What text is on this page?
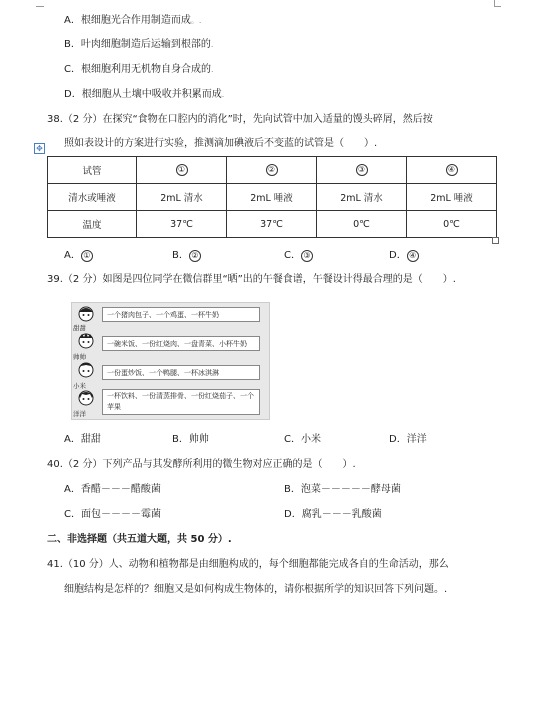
A．根细胞光合作用制造而成。.
B．叶肉细胞制造后运输到根部的.
C．根细胞利用无机物自身合成的.
D．根细胞从土壤中吸收并积累而成.
38.（2 分）在探究“食物在口腔内的消化”时，先向试管中加入适量的馒头碎屑，然后按
照如表设计的方案进行实验，推测滴加碘液后不变蓝的试管是（　　）.
✥
试管	①	②	③	④
清水或唾液	2mL 清水	2mL 唾液	2mL 清水	2mL 唾液
温度	37℃	37℃	0℃	0℃
A． ①	B． ②	C． ③	D． ④
39.（2 分）如图是四位同学在微信群里“晒”出的午餐食谱，午餐设计得最合理的是（　　）.
甜甜
一个猪肉包子、一个鸡蛋、一杯牛奶
帅帅
一碗米饭、一份红烧肉、一盘青菜、小杯牛奶
小米
一份蛋炒饭、一个鸭腿、一杯冰淇淋
洋洋
一杯饮料、一份清蒸排骨、一份红烧茄子、一个苹果
A．甜甜	B．帅帅	C．小米	D．洋洋
40.（2 分）下列产品与其发酵所利用的微生物对应正确的是（　　）.
A．香醋－－－醋酸菌	B．泡菜－－－－－酵母菌
C．面包－－－－霉菌	D．腐乳－－－乳酸菌
二、非选择题（共五道大题，共 50 分）.
41.（10 分）人、动物和植物都是由细胞构成的，每个细胞都能完成各自的生命活动，那么
细胞结构是怎样的？细胞又是如何构成生物体的，请你根据所学的知识回答下列问题。.
